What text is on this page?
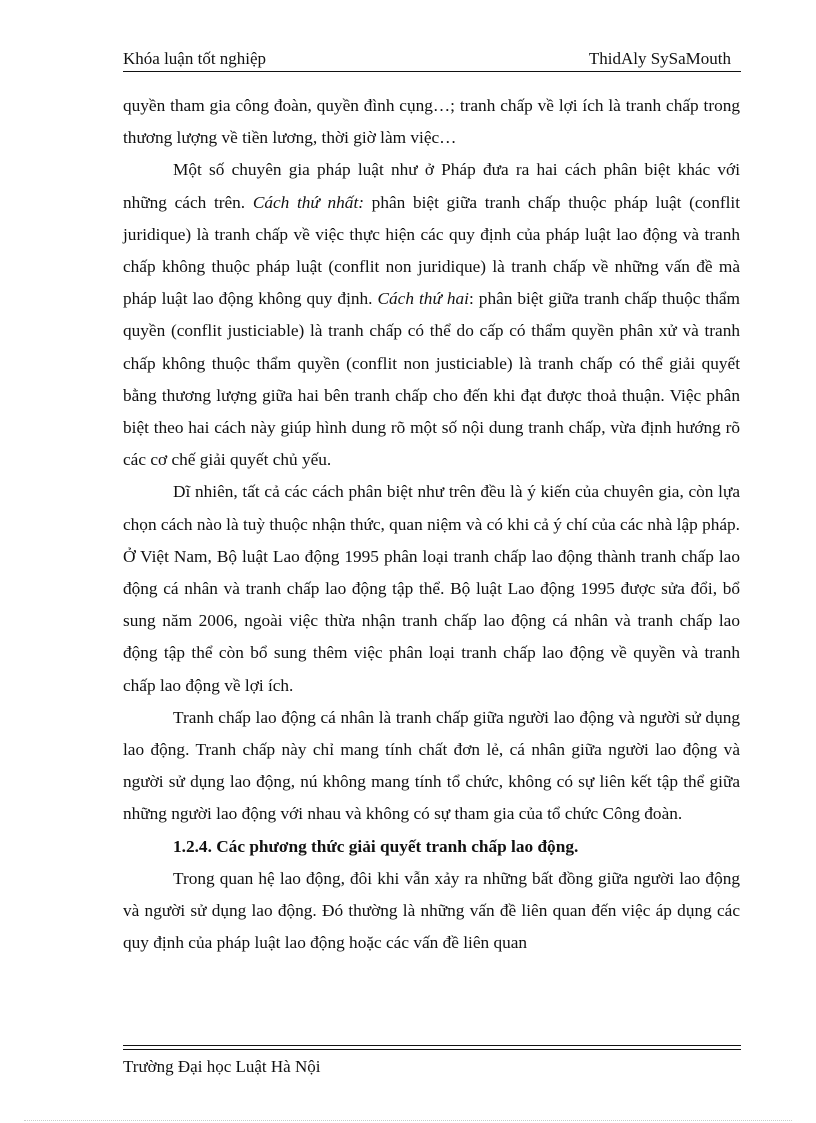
Khóa luận tốt nghiệp	ThidAly SySaMouth

quyền tham gia công đoàn, quyền đình cụng…; tranh chấp về lợi ích là tranh chấp trong thương lượng về tiền lương, thời giờ làm việc…

Một số chuyên gia pháp luật như ở Pháp đưa ra hai cách phân biệt khác với những cách trên. Cách thứ nhất: phân biệt giữa tranh chấp thuộc pháp luật (conflit juridique) là tranh chấp về việc thực hiện các quy định của pháp luật lao động và tranh chấp không thuộc pháp luật (conflit non juridique) là tranh chấp về những vấn đề mà pháp luật lao động không quy định. Cách thứ hai: phân biệt giữa tranh chấp thuộc thẩm quyền (conflit justiciable) là tranh chấp có thể do cấp có thẩm quyền phân xử và tranh chấp không thuộc thẩm quyền (conflit non justiciable) là tranh chấp có thể giải quyết bằng thương lượng giữa hai bên tranh chấp cho đến khi đạt được thoả thuận. Việc phân biệt theo hai cách này giúp hình dung rõ một số nội dung tranh chấp, vừa định hướng rõ các cơ chế giải quyết chủ yếu.

Dĩ nhiên, tất cả các cách phân biệt như trên đều là ý kiến của chuyên gia, còn lựa chọn cách nào là tuỳ thuộc nhận thức, quan niệm và có khi cả ý chí của các nhà lập pháp. Ở Việt Nam, Bộ luật Lao động 1995 phân loại tranh chấp lao động thành tranh chấp lao động cá nhân và tranh chấp lao động tập thể. Bộ luật Lao động 1995 được sửa đổi, bổ sung năm 2006, ngoài việc thừa nhận tranh chấp lao động cá nhân và tranh chấp lao động tập thể còn bổ sung thêm việc phân loại tranh chấp lao động về quyền và tranh chấp lao động về lợi ích.

Tranh chấp lao động cá nhân là tranh chấp giữa người lao động và người sử dụng lao động. Tranh chấp này chỉ mang tính chất đơn lẻ, cá nhân giữa người lao động và người sử dụng lao động, nú không mang tính tổ chức, không có sự liên kết tập thể giữa những người lao động với nhau và không có sự tham gia của tổ chức Công đoàn.

1.2.4. Các phương thức giải quyết tranh chấp lao động.

Trong quan hệ lao động, đôi khi vẫn xảy ra những bất đồng giữa người lao động và người sử dụng lao động. Đó thường là những vấn đề liên quan đến việc áp dụng các quy định của pháp luật lao động hoặc các vấn đề liên quan

Trường Đại học Luật Hà Nội
